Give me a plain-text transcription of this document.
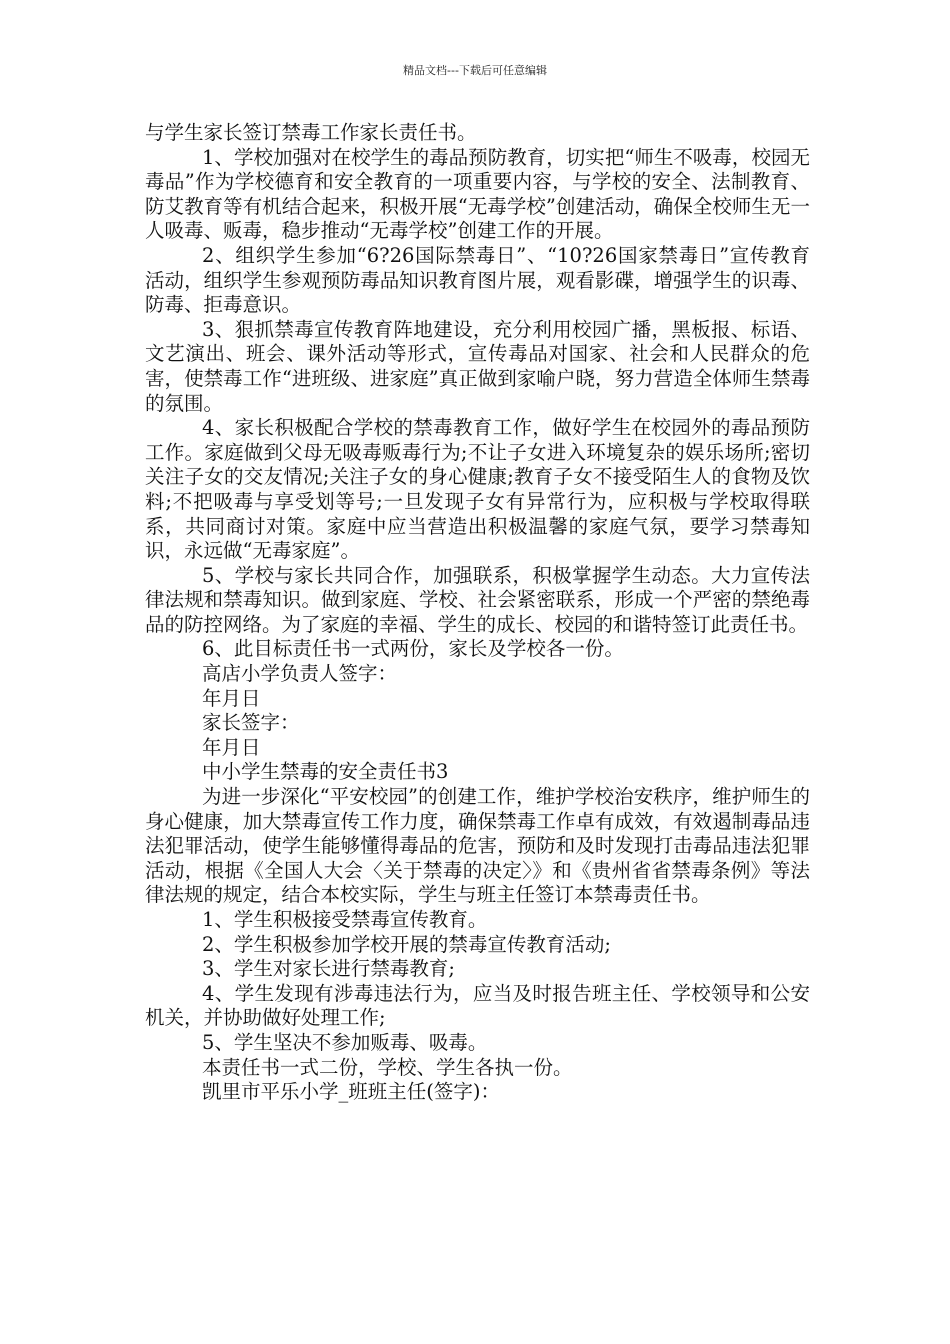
精品文档---下载后可任意编辑

与学生家长签订禁毒工作家长责任书。

1、学校加强对在校学生的毒品预防教育，切实把“师生不吸毒，校园无毒品”作为学校德育和安全教育的一项重要内容，与学校的安全、法制教育、防艾教育等有机结合起来，积极开展“无毒学校”创建活动，确保全校师生无一人吸毒、贩毒，稳步推动“无毒学校”创建工作的开展。

2、组织学生参加“6?26国际禁毒日”、“10?26国家禁毒日”宣传教育活动，组织学生参观预防毒品知识教育图片展，观看影碟，增强学生的识毒、防毒、拒毒意识。

3、狠抓禁毒宣传教育阵地建设，充分利用校园广播，黑板报、标语、文艺演出、班会、课外活动等形式，宣传毒品对国家、社会和人民群众的危害，使禁毒工作“进班级、进家庭”真正做到家喻户晓，努力营造全体师生禁毒的氛围。

4、家长积极配合学校的禁毒教育工作，做好学生在校园外的毒品预防工作。家庭做到父母无吸毒贩毒行为;不让子女进入环境复杂的娱乐场所;密切关注子女的交友情况;关注子女的身心健康;教育子女不接受陌生人的食物及饮料;不把吸毒与享受划等号;一旦发现子女有异常行为，应积极与学校取得联系，共同商讨对策。家庭中应当营造出积极温馨的家庭气氛，要学习禁毒知识，永远做“无毒家庭”。

5、学校与家长共同合作，加强联系，积极掌握学生动态。大力宣传法律法规和禁毒知识。做到家庭、学校、社会紧密联系，形成一个严密的禁绝毒品的防控网络。为了家庭的幸福、学生的成长、校园的和谐特签订此责任书。

6、此目标责任书一式两份，家长及学校各一份。

高店小学负责人签字：

年月日

家长签字：

年月日

中小学生禁毒的安全责任书3

为进一步深化“平安校园”的创建工作，维护学校治安秩序，维护师生的身心健康，加大禁毒宣传工作力度，确保禁毒工作卓有成效，有效遏制毒品违法犯罪活动，使学生能够懂得毒品的危害，预防和及时发现打击毒品违法犯罪活动，根据《全国人大会〈关于禁毒的决定〉》和《贵州省省禁毒条例》等法律法规的规定，结合本校实际，学生与班主任签订本禁毒责任书。

1、学生积极接受禁毒宣传教育。

2、学生积极参加学校开展的禁毒宣传教育活动;

3、学生对家长进行禁毒教育;

4、学生发现有涉毒违法行为，应当及时报告班主任、学校领导和公安机关，并协助做好处理工作;

5、学生坚决不参加贩毒、吸毒。

本责任书一式二份，学校、学生各执一份。

凯里市平乐小学_班班主任(签字)：
